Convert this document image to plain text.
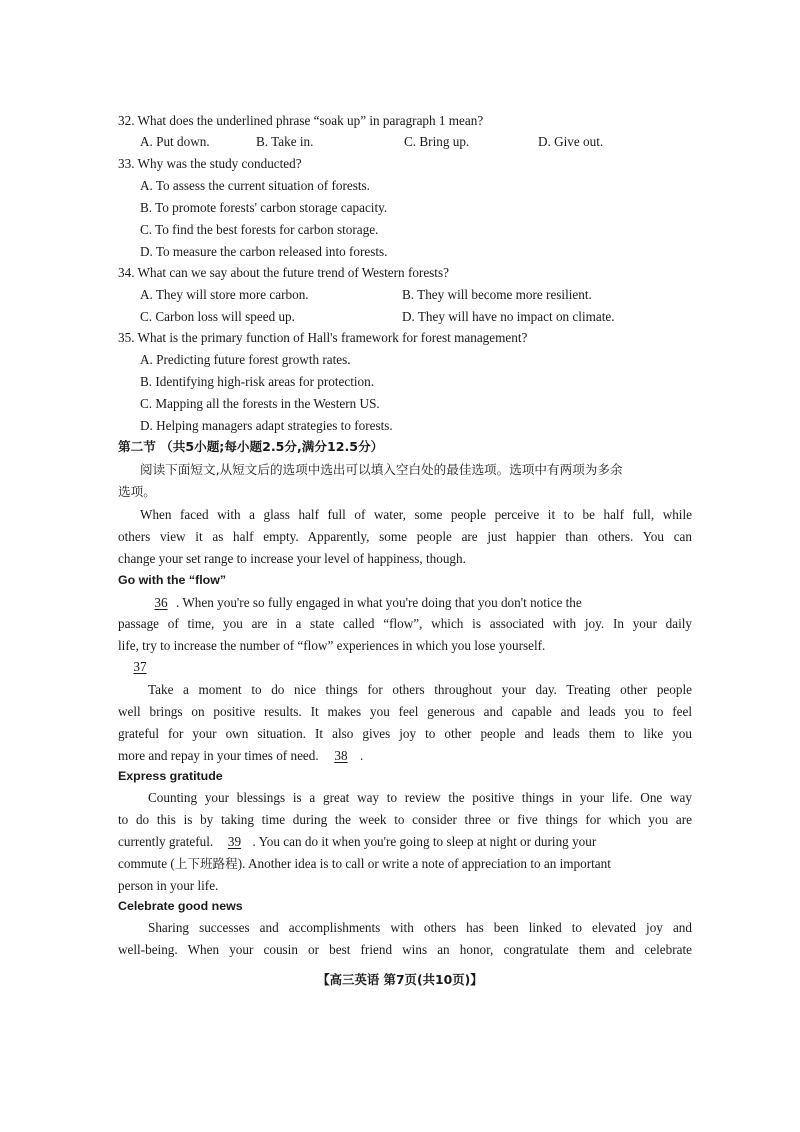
32. What does the underlined phrase “soak up” in paragraph 1 mean?
A. Put down.	B. Take in.	C. Bring up.	D. Give out.
33. Why was the study conducted?
A. To assess the current situation of forests.
B. To promote forests' carbon storage capacity.
C. To find the best forests for carbon storage.
D. To measure the carbon released into forests.
34. What can we say about the future trend of Western forests?
A. They will store more carbon.	B. They will become more resilient.
C. Carbon loss will speed up.	D. They will have no impact on climate.
35. What is the primary function of Hall's framework for forest management?
A. Predicting future forest growth rates.
B. Identifying high-risk areas for protection.
C. Mapping all the forests in the Western US.
D. Helping managers adapt strategies to forests.
第二节 （共5小题;每小题2.5分,满分12.5分）
阅读下面短文,从短文后的选项中选出可以填入空白处的最佳选项。选项中有两项为多余
选项。
When faced with a glass half full of water, some people perceive it to be half full, while
others view it as half empty. Apparently, some people are just happier than others. You can
change your set range to increase your level of happiness, though.
Go with the “flow”
36 . When you're so fully engaged in what you're doing that you don't notice the
passage of time, you are in a state called “flow”, which is associated with joy. In your daily
life, try to increase the number of “flow” experiences in which you lose yourself.
37
Take a moment to do nice things for others throughout your day. Treating other people
well brings on positive results. It makes you feel generous and capable and leads you to feel
grateful for your own situation. It also gives joy to other people and leads them to like you
more and repay in your times of need. 38 .
Express gratitude
Counting your blessings is a great way to review the positive things in your life. One way
to do this is by taking time during the week to consider three or five things for which you are
currently grateful. 39 . You can do it when you're going to sleep at night or during your
commute (上下班路程). Another idea is to call or write a note of appreciation to an important
person in your life.
Celebrate good news
Sharing successes and accomplishments with others has been linked to elevated joy and
well-being. When your cousin or best friend wins an honor, congratulate them and celebrate
【高三英语 第7页(共10页)】
